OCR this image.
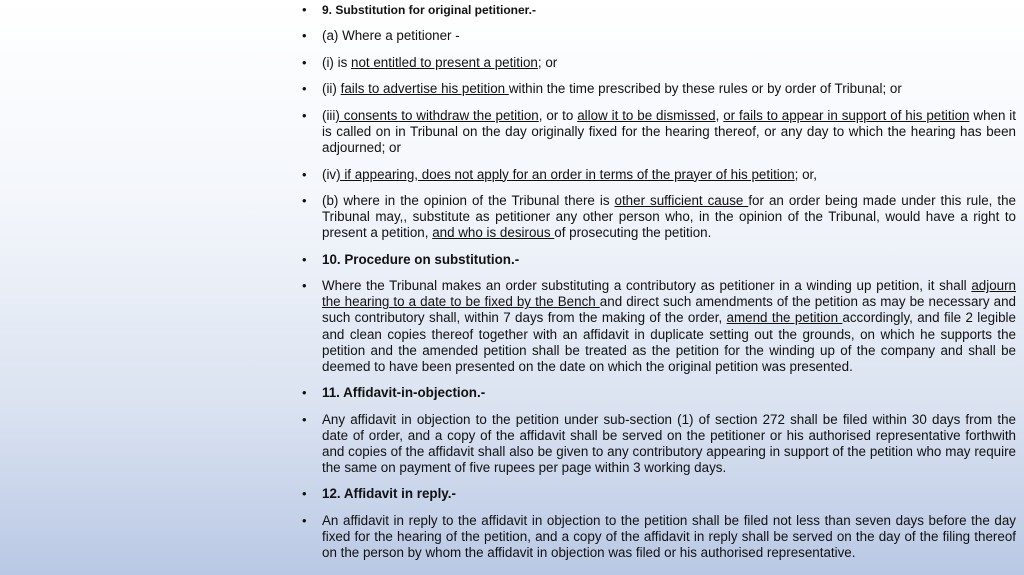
• 9. Substitution for original petitioner.-
• (a) Where a petitioner -
• (i) is not entitled to present a petition; or
• (ii) fails to advertise his petition within the time prescribed by these rules or by order of Tribunal; or
• (iii) consents to withdraw the petition, or to allow it to be dismissed, or fails to appear in support of his petition when it is called on in Tribunal on the day originally fixed for the hearing thereof, or any day to which the hearing has been adjourned; or
• (iv) if appearing, does not apply for an order in terms of the prayer of his petition; or,
• (b) where in the opinion of the Tribunal there is other sufficient cause for an order being made under this rule, the Tribunal may,, substitute as petitioner any other person who, in the opinion of the Tribunal, would have a right to present a petition, and who is desirous of prosecuting the petition.
• 10. Procedure on substitution.-
• Where the Tribunal makes an order substituting a contributory as petitioner in a winding up petition, it shall adjourn the hearing to a date to be fixed by the Bench and direct such amendments of the petition as may be necessary and such contributory shall, within 7 days from the making of the order, amend the petition accordingly, and file 2 legible and clean copies thereof together with an affidavit in duplicate setting out the grounds, on which he supports the petition and the amended petition shall be treated as the petition for the winding up of the company and shall be deemed to have been presented on the date on which the original petition was presented.
• 11. Affidavit-in-objection.-
• Any affidavit in objection to the petition under sub-section (1) of section 272 shall be filed within 30 days from the date of order, and a copy of the affidavit shall be served on the petitioner or his authorised representative forthwith and copies of the affidavit shall also be given to any contributory appearing in support of the petition who may require the same on payment of five rupees per page within 3 working days.
• 12. Affidavit in reply.-
• An affidavit in reply to the affidavit in objection to the petition shall be filed not less than seven days before the day fixed for the hearing of the petition, and a copy of the affidavit in reply shall be served on the day of the filing thereof on the person by whom the affidavit in objection was filed or his authorised representative.
